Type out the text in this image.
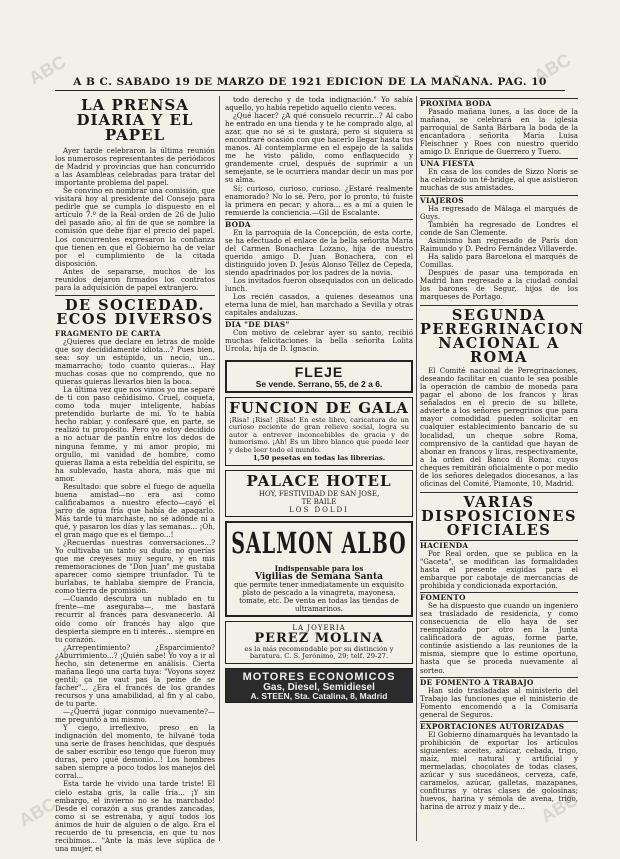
ABC	ABC
ABC	ABC
A B C. SABADO 19 DE MARZO DE 1921 EDICION DE LA MAÑANA. PAG. 10
LA PRENSA DIARIA Y EL PAPEL

Ayer tarde celebraron la última reunión los numerosos representantes de periódicos de Madrid y provincias que han concurrido a las Asambleas celebradas para tratar del importante problema del papel.

Se convino en nombrar una comisión, que visitará hoy al presidente del Consejo para pedirle que se cumpla lo dispuesto en el artículo 7.º de la Real orden de 26 de Julio del pasado año, al fin de que se nombre la comisión que debe fijar el precio del papel. Los concurrentes expresaron la confianza que tienen en que el Gobierno ha de velar por el cumplimiento de la citada disposición.

Antes de separarse, muchos de los reunidos dejaron firmados los contratos para la adquisición de papel extranjero.

DE SOCIEDAD. ECOS DIVERSOS
FRAGMENTO DE CARTA

¿Quieres que declare en letras de molde que soy decididamente idiota...? Pues bien, sea: soy un estúpido, un necio, un... mamarracho; todo cuanto quieras... Hay muchas cosas que no comprendo, que no quieras quieras llevarlos bien la boca.

La última vez que nos vimos yo me separé de ti con paso ceñidísimo. Cruel, coqueta, como toda mujer inteligente, habías pretendido burlarte de mí. Yo te había hecho rabiar, y confesaré que, en parte, se realizó tu propósito. Pero yo estoy decidido a no actuar de pantín entre los dedos de ninguna femme, y mi amor propio, mi orgullo, mi vanidad de hombre, como quieras llama a esta rebeldía del espíritu, se ha sublevado, hasta ahora, más que mi amor.

Resultado: que sobre el fuego de aquella buena amistad—no era así como calificabamos a nuestro efecto—cayó el jarro de agua fría que había de apagarlo. Más tarde tú marchaste, no sé adónde ni a qué, y pasaron los días y las semanas... ¡Oh, el gran mago que es el tiempo...!

¿Recuerdas nuestras conversaciones...? Yo cultivaba un tanto su duda; no querías que me creyeses muy seguro, y en mis rememoraciones de "Don Juan" me gustaba aparecer como siempre triunfador. Tú te burlabas, te hablaba siempre de Francia, como tierra de promisión.

—Cuando descubra un nublado en tu frente—me aseguraba—, me bastará recurrir al francés para desvanecerlo. Al oído como oír francés hay algo que despierta siempre en ti interés... siempre en tu corazón.

¿Arrepentimiento? ¿Esparcimiento? ¿Aburrimiento...? ¡Quién sabe! Yo voy a ir al hecho, sin detenerme en análisis. Cierta mañana llegó una carta tuya: "Voyons soyez gentil; ça ne vaut pas la peine de se facher"... ¿Era el francés de los grandes recursos y una amabilidad, al fin y al cabo, de tu parte.

—¿Querrá jugar conmigo nuevamente?—me preguntó a mí mismo.

Y ciego, irreflexivo, preso en la indignación del momento, te hilvané toda una serie de frases henchidas, que después de saber escribir eso tengo que fueron muy duras, pero ¡qué demonio...! Los hombres saben siempre a poco todos los manejos del corral...

Esta tarde he vivido una tarde triste! El cielo estaba gris, la calle fría... ¡Y sin embargo, el invierno no se ha marchado! Desde el corazón a sus grandes zancadas, como si se estrenaba, y aquí todos los ánimos de huir de alguien o de algo. Era el recuerdo de tu presencia, en que tu nos recibimos... "Ante la más leve súplica de una mujer, el

todo derecho y de toda indignación." Yo sabía aquello, yo había repetido aquello ciento veces.

¿Qué hacer? ¿A qué consuelo recurrir...? Al cabo he entrado en una tienda y te he comprado algo, al azar, que no sé si te gustará, pero si siquiera si encontraré ocasión con que hacerlo llegar hasta tus manos. Al contemplarme en el espejo de la salida me he visto pálido, como enflaquecido y grandemente cruel, después de suprimir a un semejante, se le ocurriera mandar decir un mas por su alma.

Sí; curioso, curioso, curioso. ¿Estaré realmente enamorado? No lo sé. Pero, por lo pronto, tú fuiste la primera en pecar; y ahora... es a mí a quien le remuerde la conciencia.—Gil de Escalante.

BODA

En la parroquia de la Concepción, de esta corte, se ha efectuado el enlace de la bella señorita María del Carmen Bonachera Lozano, hija de nuestro querido amigo D. Juan Bonachera, con el distinguido joven D. Jesús Alonso Téllez de Cepeda, siendo apadrinados por los padres de la novia.

Los invitados fueron obsequiados con un delicado lunch.

Los recién casados, a quienes deseamos una eterna luna de miel, han marchado a Sevilla y otras capitales andaluzas.

DIA "DE DIAS"

Con motivo de celebrar ayer su santo, recibió muchas felicitaciones la bella señorita Lolita Urcola, hija de D. Ignacio.

FLEJE
Se vende. Serrano, 55, de 2 a 6.
FUNCION DE GALA
¡Risa! ¡Risa! ¡Risa! En este libro, caricatura de un curioso reciente de gran relieve social, logra su autor a entrever inconcebibles de gracia y de humorismo. ¡Ah! Es un libro blanco que puede leer y debe leer todo el mundo.
1,50 pesetas en todas las librerías.
PALACE HOTEL
HOY, FESTIVIDAD DE SAN JOSE,
TE BAILE
LOS DOLDI
SALMON ALBO
Indispensable para los
Vigilias de Semana Santa
que permite tener inmediatamente un exquisito plato de pescado a la vinagreta, mayonesa, tomate, etc. De venta en todas las tiendas de ultramarinos.
LA JOYERIA
PEREZ MOLINA
es la más recomendable por su distinción y baratura. C. S. Jerónimo, 29; telf. 29-27.
MOTORES ECONOMICOS
Gas, Diesel, Semidiesel
A. STEEN, Sta. Catalina, 8, Madrid
PROXIMA BODA

Pasado mañana lunes, a las doce de la mañana, se celebrará en la iglesia parroquial de Santa Bárbara la boda de la encantadora señorita María Luisa Fleischner y Roes con nuestro querido amigo D. Enrique de Guerrero y Tuero.

UNA FIESTA

En casa de los condes de Sizzo Noris se ha celebrado un té-bridge, al que asistieron muchas de sus amistades.

VIAJEROS

Ha regresado de Málaga el marqués de Guys.

También ha regresado de Londres el conde de San Clemente.

Asimismo han regresado de París don Raimundo y D. Pedro Fernández Villaverde.

Ha salido para Barcelona el marqués de Comillas.

Después de pasar una temporada en Madrid han regresado a la ciudad condal los barones de Segur, hijos de los marqueses de Portago.

SEGUNDA PEREGRINACION NACIONAL A ROMA

El Comité nacional de Peregrinaciones, deseando facilitar en cuanto le sea posible la operación de cambio de moneda para pagar el abono de los francos y liras señalados en el precio de su billete, advierte a los señores peregrinos que para mayor comodidad pueden solicitar en cualquier establecimiento bancario de su localidad, un cheque sobre Roma, comprensivo de la cantidad que hayan de abonar en francos y liras, respectivamente, a la orden del Banco di Roma; cuyos cheques remitirán oficialmente o por medio de los señores delegados diocesanos, a las oficinas del Comité, Piamonte, 10, Madrid.

VARIAS DISPOSICIONES OFICIALES
HACIENDA

Por Real orden, que se publica en la "Gaceta", se modifican las formalidades hasta el presente exigidas para el embarque por cabotaje de mercancías de prohibida y condicionada exportación.

FOMENTO

Se ha dispuesto que cuando un ingeniero sea trasladado de residencia, y como consecuencia de ello haya de ser reemplazado por otro en la Junta calificadora de aguas, forme parte, continúe asistiendo a las reuniones de la misma, siempre que lo estime oportuno, hasta que se proceda nuevamente al sorteo.

DE FOMENTO A TRABAJO

Han sido trasladadas al ministerio del Trabajo las funciones que el ministerio de Fomento encomendó a la Comisaría general de Seguros.

EXPORTACIONES AUTORIZADAS

El Gobierno dinamarqués ha levantado la prohibición de exportar los artículos siguientes: aceites, azúcar, cebada, trigo, maíz, miel natural y artificial y mermeladas, chocolates de todas clases, azúcar y sus sucedáneos, cerveza, café, caramelos, azúcar, galletas, mazapanes, confituras y otras clases de golosinas; huevos, harina y sémola de avena, trigo, harina de arroz y maíz y de...
